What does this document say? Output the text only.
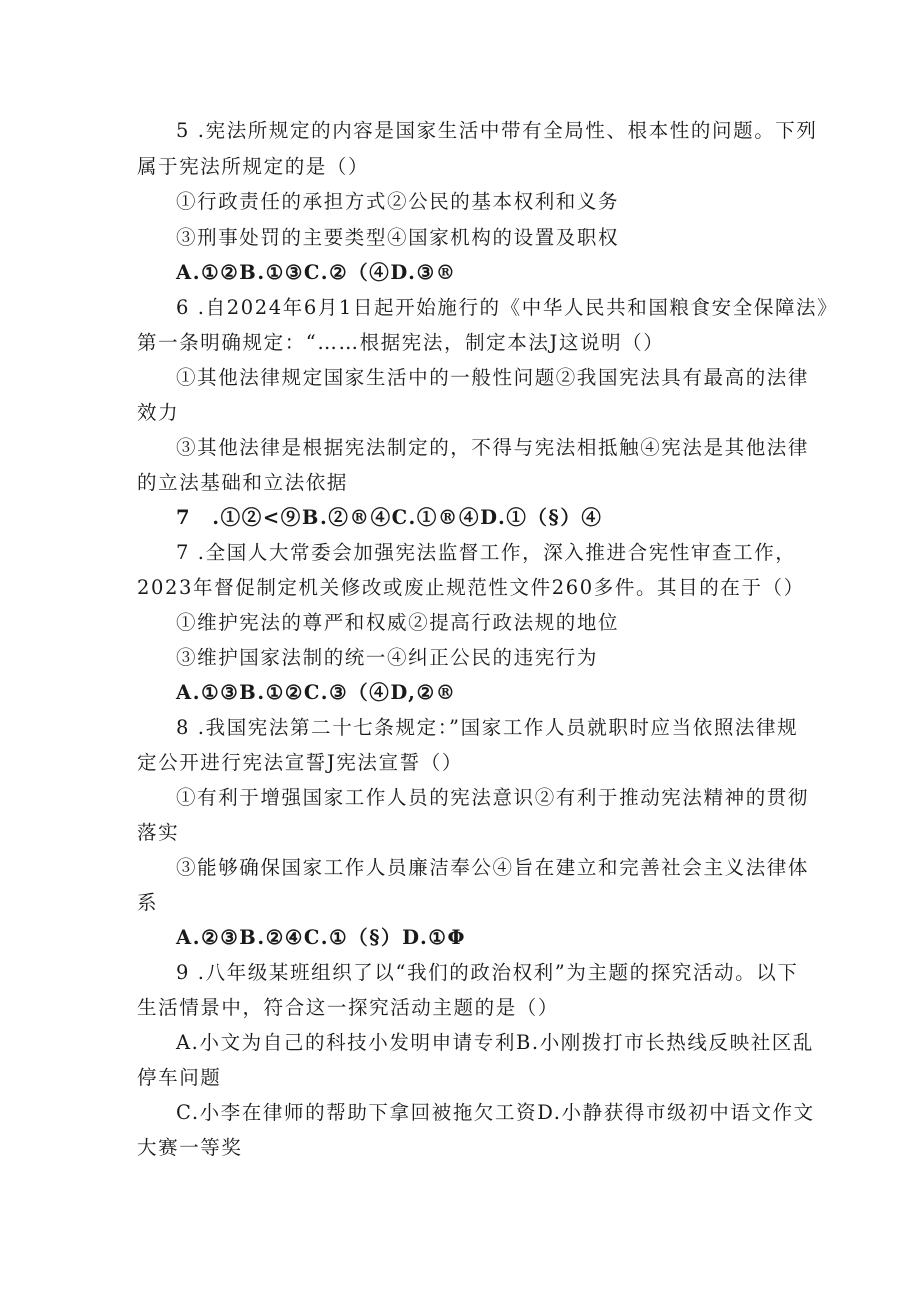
5 .宪法所规定的内容是国家生活中带有全局性、根本性的问题。下列
属于宪法所规定的是（）
①行政责任的承担方式②公民的基本权利和义务
③刑事处罚的主要类型④国家机构的设置及职权
A.①②B.①③C.②（④D.③®
6 .自2024年6月1日起开始施行的《中华人民共和国粮食安全保障法》
第一条明确规定：“……根据宪法，制定本法J这说明（）
①其他法律规定国家生活中的一般性问题②我国宪法具有最高的法律
效力
③其他法律是根据宪法制定的，不得与宪法相抵触④宪法是其他法律
的立法基础和立法依据
7　.①②<⑨B.②®④C.①®④D.①（§）④
7 .全国人大常委会加强宪法监督工作，深入推进合宪性审查工作，
2023年督促制定机关修改或废止规范性文件260多件。其目的在于（）
①维护宪法的尊严和权威②提高行政法规的地位
③维护国家法制的统一④纠正公民的违宪行为
A.①③B.①②C.③（④D,②®
8 .我国宪法第二十七条规定：”国家工作人员就职时应当依照法律规
定公开进行宪法宣誓J宪法宣誓（）
①有利于增强国家工作人员的宪法意识②有利于推动宪法精神的贯彻
落实
③能够确保国家工作人员廉洁奉公④旨在建立和完善社会主义法律体
系
A.②③B.②④C.①（§）D.①Φ
9 .八年级某班组织了以“我们的政治权利”为主题的探究活动。以下
生活情景中，符合这一探究活动主题的是（）
A.小文为自己的科技小发明申请专利B.小刚拨打市长热线反映社区乱
停车问题
C.小李在律师的帮助下拿回被拖欠工资D.小静获得市级初中语文作文
大赛一等奖
